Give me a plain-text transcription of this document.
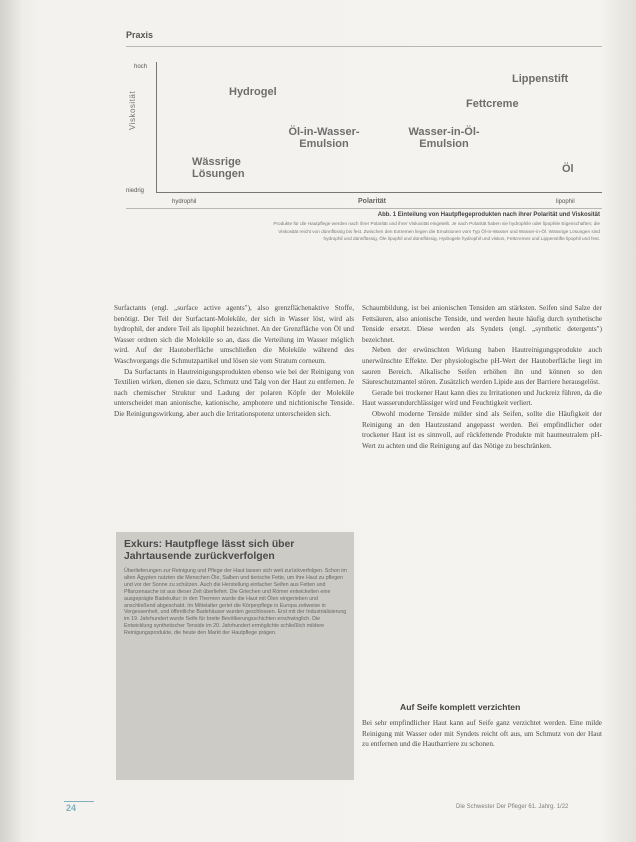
Praxis
hoch
niedrig
Viskosität
hydrophil	Polarität	lipophil
Hydrogel
Lippenstift
Fettcreme
Öl-in-Wasser-
Emulsion
Wasser-in-Öl-
Emulsion
Wässrige
Lösungen	Öl
Abb. 1 Einteilung von Hautpflegeprodukten nach ihrer Polarität und Viskosität
Produkte für die Hautpflege werden nach ihrer Polarität und ihrer Viskosität eingeteilt. Je nach Polarität haben sie hydrophile oder lipophile Eigenschaften; die Viskosität reicht von dünnflüssig bis fest. Zwischen den Extremen liegen die Emulsionen vom Typ Öl-in-Wasser und Wasser-in-Öl. Wässrige Lösungen sind hydrophil und dünnflüssig, Öle lipophil und dünnflüssig, Hydrogele hydrophil und viskos, Fettcremes und Lippenstifte lipophil und fest.

Surfactants (engl. „surface active agents"), also grenzflächenaktive Stoffe, benötigt. Der Teil der Surfactant-Moleküle, der sich in Wasser löst, wird als hydrophil, der andere Teil als lipophil bezeichnet. An der Grenzfläche von Öl und Wasser ordnen sich die Moleküle so an, dass die Verteilung im Wasser möglich wird. Auf der Hautoberfläche umschließen die Moleküle während des Waschvorgangs die Schmutzpartikel und lösen sie vom Stratum corneum.

Da Surfactants in Hautreinigungsprodukten ebenso wie bei der Reinigung von Textilien wirken, dienen sie dazu, Schmutz und Talg von der Haut zu entfernen. Je nach chemischer Struktur und Ladung der polaren Köpfe der Moleküle unterscheidet man anionische, kationische, amphotere und nichtionische Tenside. Die Reinigungswirkung, aber auch die Irritationspotenz unterscheiden sich.

Exkurs: Hautpflege lässt sich über Jahrtausende zurückverfolgen
Überlieferungen zur Reinigung und Pflege der Haut lassen sich weit zurückverfolgen. Schon im alten Ägypten nutzten die Menschen Öle, Salben und tierische Fette, um ihre Haut zu pflegen und vor der Sonne zu schützen. Auch die Herstellung einfacher Seifen aus Fetten und Pflanzenasche ist aus dieser Zeit überliefert. Die Griechen und Römer entwickelten eine ausgeprägte Badekultur; in den Thermen wurde die Haut mit Ölen eingerieben und anschließend abgeschabt. Im Mittelalter geriet die Körperpflege in Europa zeitweise in Vergessenheit, und öffentliche Badehäuser wurden geschlossen. Erst mit der Industrialisierung im 19. Jahrhundert wurde Seife für breite Bevölkerungsschichten erschwinglich. Die Entwicklung synthetischer Tenside im 20. Jahrhundert ermöglichte schließlich mildere Reinigungsprodukte, die heute den Markt der Hautpflege prägen.

Schaumbildung, ist bei anionischen Tensiden am stärksten. Seifen sind Salze der Fettsäuren, also anionische Tenside, und werden heute häufig durch synthetische Tenside ersetzt. Diese werden als Syndets (engl. „synthetic detergents") bezeichnet.

Neben der erwünschten Wirkung haben Hautreinigungsprodukte auch unerwünschte Effekte. Der physiologische pH-Wert der Hautoberfläche liegt im sauren Bereich. Alkalische Seifen erhöhen ihn und können so den Säureschutzmantel stören. Zusätzlich werden Lipide aus der Barriere herausgelöst.

Gerade bei trockener Haut kann dies zu Irritationen und Juckreiz führen, da die Haut wasserundurchlässiger wird und Feuchtigkeit verliert.

Obwohl moderne Tenside milder sind als Seifen, sollte die Häufigkeit der Reinigung an den Hautzustand angepasst werden. Bei empfindlicher oder trockener Haut ist es sinnvoll, auf rückfettende Produkte mit hautneutralem pH-Wert zu achten und die Reinigung auf das Nötige zu beschränken.

Auf Seife komplett verzichten

Bei sehr empfindlicher Haut kann auf Seife ganz verzichtet werden. Eine milde Reinigung mit Wasser oder mit Syndets reicht oft aus, um Schmutz von der Haut zu entfernen und die Hautbarriere zu schonen.

24	Die Schwester Der Pfleger 61. Jahrg. 1/22
